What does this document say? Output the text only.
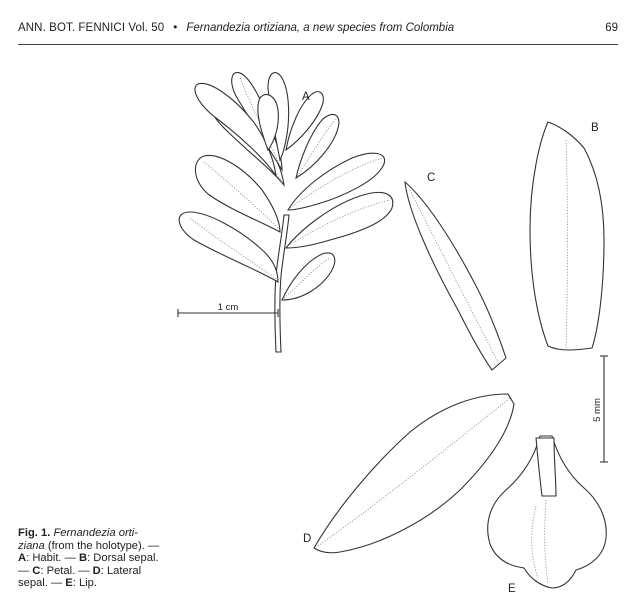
ANN. BOT. FENNICI Vol. 50 • Fernandezia ortiziana, a new species from Colombia	69
1 cm
5 mm
A
B
C
D
E
Fig. 1. Fernandezia orti-ziana (from the holotype). — A: Habit. — B: Dorsal sepal. — C: Petal. — D: Lateral sepal. — E: Lip.
